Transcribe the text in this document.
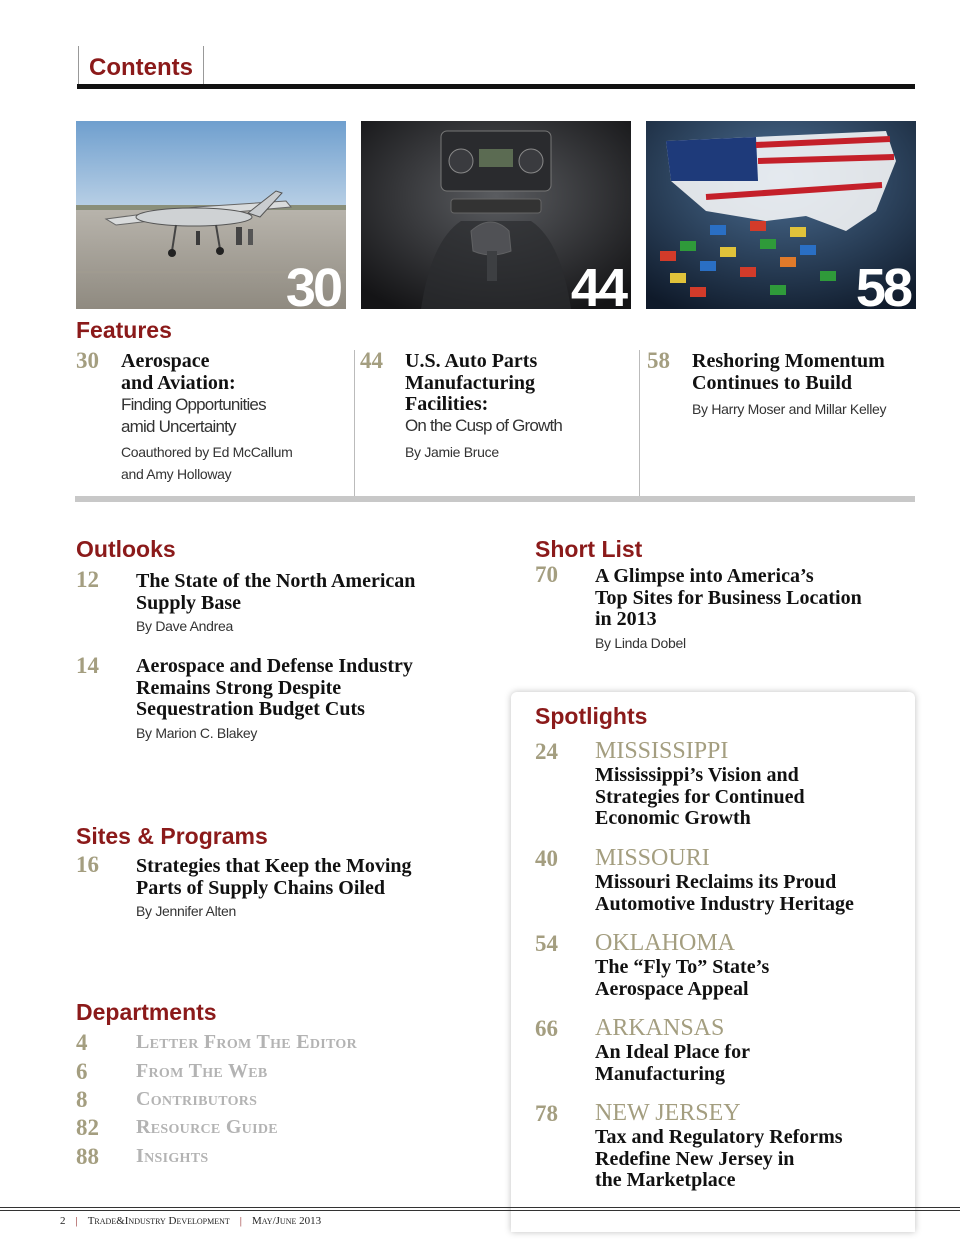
Contents
30	44	58
Features
30 Aerospace
and Aviation:
Finding Opportunities
amid Uncertainty
Coauthored by Ed McCallum
and Amy Holloway
44 U.S. Auto Parts
Manufacturing
Facilities:
On the Cusp of Growth
By Jamie Bruce
58 Reshoring Momentum
Continues to Build
By Harry Moser and Millar Kelley
Outlooks
12 The State of the North American
Supply Base
By Dave Andrea
14 Aerospace and Defense Industry
Remains Strong Despite
Sequestration Budget Cuts
By Marion C. Blakey
Sites & Programs
16 Strategies that Keep the Moving
Parts of Supply Chains Oiled
By Jennifer Alten
Departments
4 Letter From The Editor
6 From The Web
8 Contributors
82 Resource Guide
88 Insights
Short List
70 A Glimpse into America’s
Top Sites for Business Location
in 2013
By Linda Dobel
Spotlights
24 MISSISSIPPI
Mississippi’s Vision and
Strategies for Continued
Economic Growth
40 MISSOURI
Missouri Reclaims its Proud
Automotive Industry Heritage
54 OKLAHOMA
The “Fly To” State’s
Aerospace Appeal
66 ARKANSAS
An Ideal Place for
Manufacturing
78 NEW JERSEY
Tax and Regulatory Reforms
Redefine New Jersey in
the Marketplace
2 | Trade&Industry Development | May/June 2013
